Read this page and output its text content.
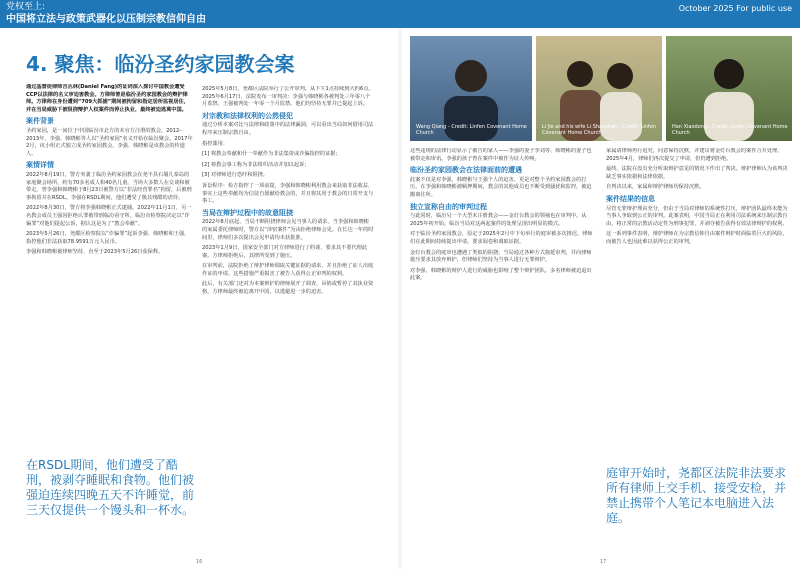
党权至上:
中国将立法与政策武器化以压制宗教信仰自由
October 2025 For public use
4. 聚焦：临汾圣约家园教会案
通过基督徒律师吉丛林(Daniel Fang)的证词深入探讨中国教会遭受CCP以法律的名义审迫害教会。方律师曾是临汾圣约家园教会的辩护律师。方律师在身份遭到“709大抓捕”期间被拘留和指定居所监视居住，并在当局威胁下被阻挠辩护人权案件而停止执业，最终被迫逃离中国。
案件背景
圣约家园，是一间位于中国临汾市北方的未官方注册的教会。2012–2013年，李强、韩晓彬等人以“圣约家园”名义开始在临汾聚会。2017年2月，该小组正式独立成圣约家园教会，李强、韩晓彬是该教会的传道人。
案情详情
2022年8月19日，警方突袭了临汾圣约家园教会在尧丰县石墙儿泰岛的家庭聚会场所，约有70多名成人和40名儿童。当场大多数人在交谈和被带走。曾李强和韩晓彬于8月23日被警方以“非法经营罪名”拘留，后被刑事拘留并在RSDL。李强在RSDL期间，他们遭受了极其残酷的虐待。
2022年8月30日，警方将李强韩晓彬正式逮捕。2022年11月1日，另一名教会成员王强因拒绝认罪被带到临汾看守所。临汾市检察院决定以“诈骗罪”对他们提起公诉，据认这是为了“教会奉献”。
2023年5月26日，尧都区检察院以“诈骗罪”起诉李强、韩晓彬和王强，指控他们非法获取78.9591万元人民币。
李强和韩晓彬被律师坚持，直至于2023年5月26日获保释。
在RSDL期间，他们遭受了酷刑，被剥夺睡眠和食物。他们被强迫连续四晚五天不许睡觉，前三天仅提供一个馒头和一杯水。
2025年5月8日，尧都区法院举行了公开审判。从下午1点持续到大约6点。2025年6月17日，法院发布一审判决：李强与韩晓彬各被判处三年零八个月监禁。王强被判处一年零一个月监禁。他们均坚持无罪并已提起上诉。
对宗教和法律权利的公然侵犯
通过分析本案对比与法律和政策中的法律漏洞，可以看出当局如何借用司法程序来压制宗教自由。
指控滥用：
[1] 将教会奉献和什一奉献作为非法集资或诈骗指控的证据；
[2] 将教会事工称为非法组织活动并加以起诉；
[3] 对律师进行恐吓和阻挠。
诉讼程序：检方指控了一项前提，李强和韩晓彬利用教会来获取非法收益，事实上这些奉献均为信徒自愿献给教会的，并且将其用于教会的日常开支与事工。
当局在辩护过程中的故意阻挠
2022年8月底起，当局不断阻挠律师会见当事人的请求。当李强和韩晓彬的家属委托律师时，警方以“涉密案件”为由拒绝律师会见。在长达一年的时间里，律师们多次提出会见申请均未获批准。
2023年1月9日，国家安全部门对方律师进行了约谈，要求其不要代理此案。方律师拒绝后，其律所受到了施压。
在审判前，法院拒绝了辩护律师调取关键证据的请求，并且拒绝了证人出庭作证的申请。这些措施严重损害了被告人获得公正审判的权利。
此后，有关部门还对为本案辩护的律师展开了调查，吊销或暂停了其执业资格。方律师最终被迫离开中国，以逃避进一步的迫害。
16
Wang Qiang - Credit: Linfen Covenant Home Church
Li Jie and his wife Li Shanshan - Credit: Linfen Covenant Home Church
Han Xiaodong - Credit: Linfen Covenant Home Church
这些违规的法律行动显示了被告的家人——李强的妻子李刘等、韩晓彬的妻子也被带走和审讯。李强的孩子曾在案件中被作为证人传唤。
临汾圣约家园教会在法律面前的遭遇
此案不仅是对李强、韩晓彬与王强个人的迫害，更是对整个圣约家园教会的打压。在李强和韩晓彬被羁押期间，教会的其他成员也不断受到骚扰和监控，被迫搬离住所。
独立宣称自由的审判过程
与此同时，临汾另一个大型未注册教会——金灯台教会的领袖也在审判中。从2025年初开始，临汾当局对这两起案件的处理呈现出明显的模式。
对于临汾圣约家园教会，原定于2025年2月中下旬举行的庭审被多次推迟。律师们在此期间持续提出申请，要求阅卷和调取证据。
金灯台教会的庭审也遭遇了类似的阻挠。当局通过各种方式拖延审判，并向律师施压要求其放弃辩护，但律师们坚持为当事人进行无罪辩护。
对李强、韩晓彬的辩护人进行的威胁也影响了整个辩护团队，多名律师被迫退出此案。
家属请律师再行追究，同意保持沉默，并建议将金灯台教会的案件合并处理。2025年4月，律师们再次提交了申请，但仍遭到拒绝。
最终，法院在没有充分听取辩护意见的情况下作出了判决。辩护律师认为该判决缺乏事实依据和法律依据。
自判决以来，家属和辩护律师均保持沉默。
案件结果的信息
尽管无罪辩护理由充分，但由于当局对律师的系统性打压，辩护团队最终未能为当事人争取到公正的审判。此案表明，中国当局正在利用司法系统来压制宗教自由，将正常的宗教活动定性为刑事犯罪，并剥夺被告获得有效法律辩护的权利。
这一系列事件表明，辩护律师在为宗教信仰自由案件辩护时面临着巨大的风险，而被告人也因此难以获得公正的审判。
庭审开始时，尧都区法院非法要求所有律师上交手机、接受安检，并禁止携带个人笔记本电脑进入法庭。
17
